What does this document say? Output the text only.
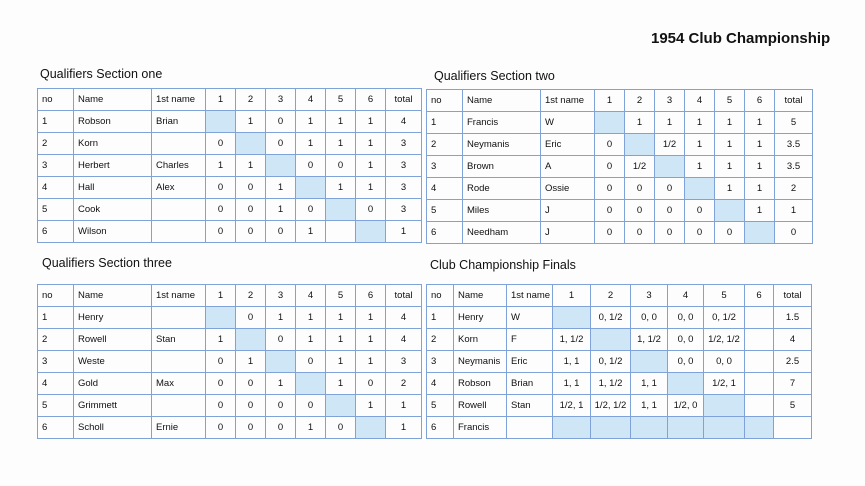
1954 Club Championship
Qualifiers Section one
no	Name	1st name	1	2	3	4	5	6	total
1	Robson	Brian		1	0	1	1	1	4
2	Korn		0		0	1	1	1	3
3	Herbert	Charles	1	1		0	0	1	3
4	Hall	Alex	0	0	1		1	1	3
5	Cook		0	0	1	0		0	3
6	Wilson		0	0	0	1			1
Qualifiers Section two
no	Name	1st name	1	2	3	4	5	6	total
1	Francis	W		1	1	1	1	1	5
2	Neymanis	Eric	0		1/2	1	1	1	3.5
3	Brown	A	0	1/2		1	1	1	3.5
4	Rode	Ossie	0	0	0		1	1	2
5	Miles	J	0	0	0	0		1	1
6	Needham	J	0	0	0	0	0		0
Qualifiers Section three
no	Name	1st name	1	2	3	4	5	6	total
1	Henry			0	1	1	1	1	4
2	Rowell	Stan	1		0	1	1	1	4
3	Weste		0	1		0	1	1	3
4	Gold	Max	0	0	1		1	0	2
5	Grimmett		0	0	0	0		1	1
6	Scholl	Ernie	0	0	0	1	0		1
Club Championship Finals
no	Name	1st name	1	2	3	4	5	6	total
1	Henry	W		0, 1/2	0, 0	0, 0	0, 1/2		1.5
2	Korn	F	1, 1/2		1, 1/2	0, 0	1/2, 1/2		4
3	Neymanis	Eric	1, 1	0, 1/2		0, 0	0, 0		2.5
4	Robson	Brian	1, 1	1, 1/2	1, 1		1/2, 1		7
5	Rowell	Stan	1/2, 1	1/2, 1/2	1, 1	1/2, 0			5
6	Francis								
